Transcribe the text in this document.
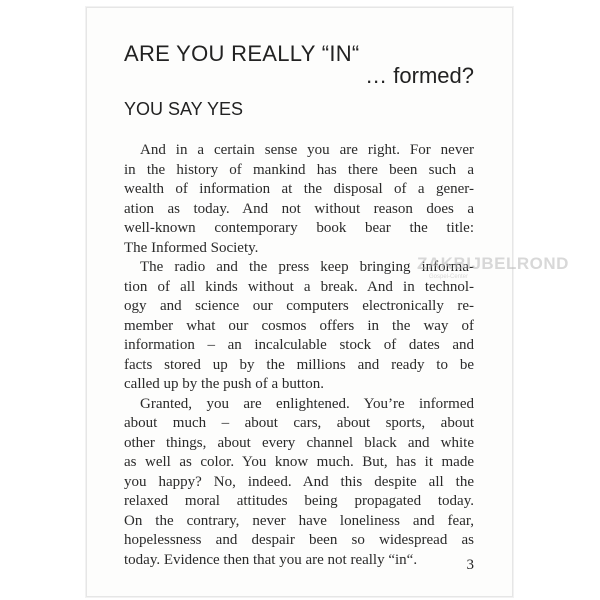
ARE YOU REALLY “IN“
… formed?
YOU SAY YES

And in a certain sense you are right. For never
in the history of mankind has there been such a
wealth of information at the disposal of a gener-
ation as today. And not without reason does a
well-known contemporary book bear the title:
The Informed Society.

The radio and the press keep bringing informa-
tion of all kinds without a break. And in technol-
ogy and science our computers electronically re-
member what our cosmos offers in the way of
information – an incalculable stock of dates and
facts stored up by the millions and ready to be
called up by the push of a button.

Granted, you are enlightened. You’re informed
about much – about cars, about sports, about
other things, about every channel black and white
as well as color. You know much. But, has it made
you happy? No, indeed. And this despite all the
relaxed moral attitudes being propagated today.
On the contrary, never have loneliness and fear,
hopelessness and despair been so widespread as
today. Evidence then that you are not really “in“.	3
ZAKBIJBELROND
Gospel-Center
